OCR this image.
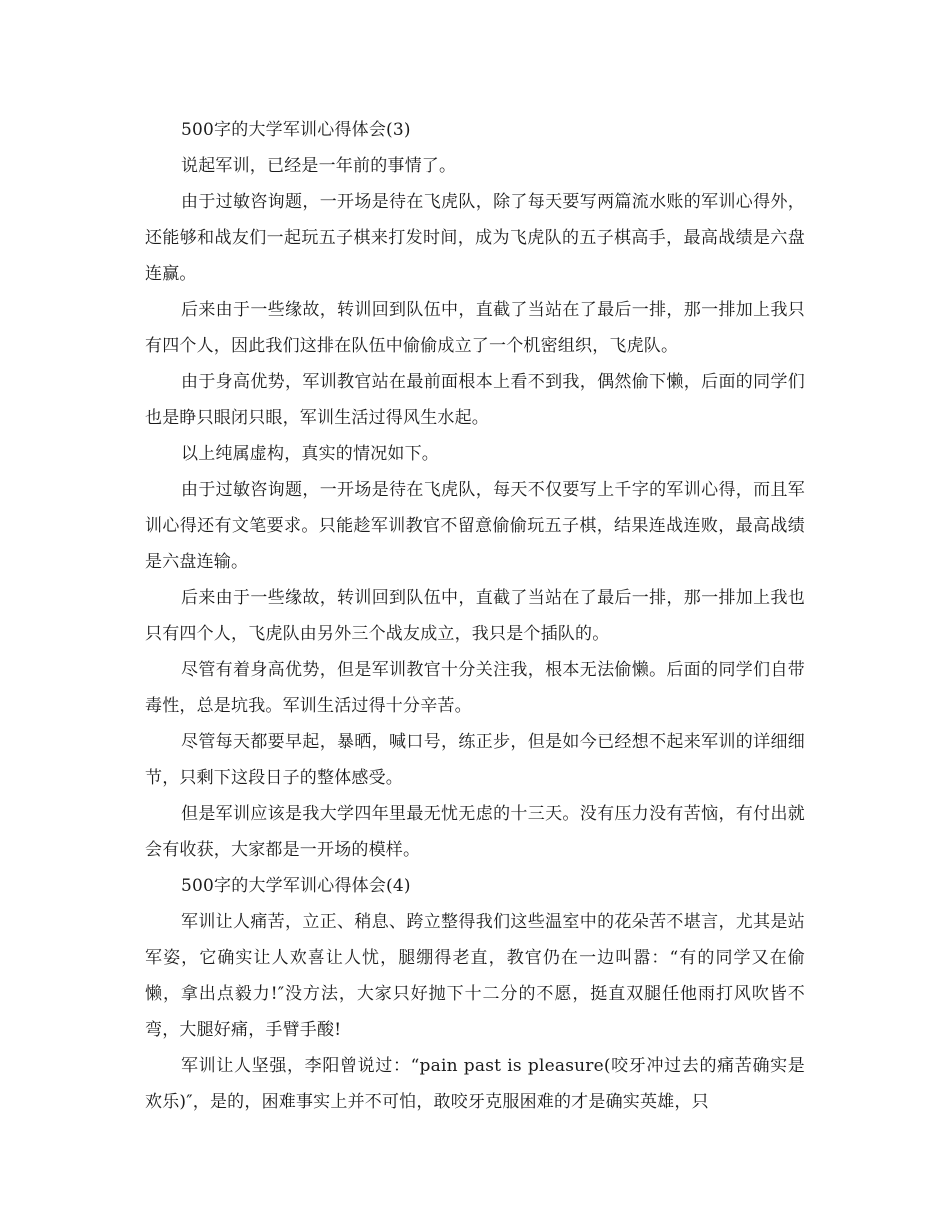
500字的大学军训心得体会(3)

说起军训，已经是一年前的事情了。

由于过敏咨询题，一开场是待在飞虎队，除了每天要写两篇流水账的军训心得外，还能够和战友们一起玩五子棋来打发时间，成为飞虎队的五子棋高手，最高战绩是六盘连赢。

后来由于一些缘故，转训回到队伍中，直截了当站在了最后一排，那一排加上我只有四个人，因此我们这排在队伍中偷偷成立了一个机密组织，飞虎队。

由于身高优势，军训教官站在最前面根本上看不到我，偶然偷下懒，后面的同学们也是睁只眼闭只眼，军训生活过得风生水起。

以上纯属虚构，真实的情况如下。

由于过敏咨询题，一开场是待在飞虎队，每天不仅要写上千字的军训心得，而且军训心得还有文笔要求。只能趁军训教官不留意偷偷玩五子棋，结果连战连败，最高战绩是六盘连输。

后来由于一些缘故，转训回到队伍中，直截了当站在了最后一排，那一排加上我也只有四个人，飞虎队由另外三个战友成立，我只是个插队的。

尽管有着身高优势，但是军训教官十分关注我，根本无法偷懒。后面的同学们自带毒性，总是坑我。军训生活过得十分辛苦。

尽管每天都要早起，暴晒，喊口号，练正步，但是如今已经想不起来军训的详细细节，只剩下这段日子的整体感受。

但是军训应该是我大学四年里最无忧无虑的十三天。没有压力没有苦恼，有付出就会有收获，大家都是一开场的模样。

500字的大学军训心得体会(4)

军训让人痛苦，立正、稍息、跨立整得我们这些温室中的花朵苦不堪言，尤其是站军姿，它确实让人欢喜让人忧，腿绷得老直，教官仍在一边叫嚣：“有的同学又在偷懒，拿出点毅力!″没方法，大家只好抛下十二分的不愿，挺直双腿任他雨打风吹皆不弯，大腿好痛，手臂手酸!

军训让人坚强，李阳曾说过：“pain past is pleasure(咬牙冲过去的痛苦确实是欢乐)″，是的，困难事实上并不可怕，敢咬牙克服困难的才是确实英雄，只
